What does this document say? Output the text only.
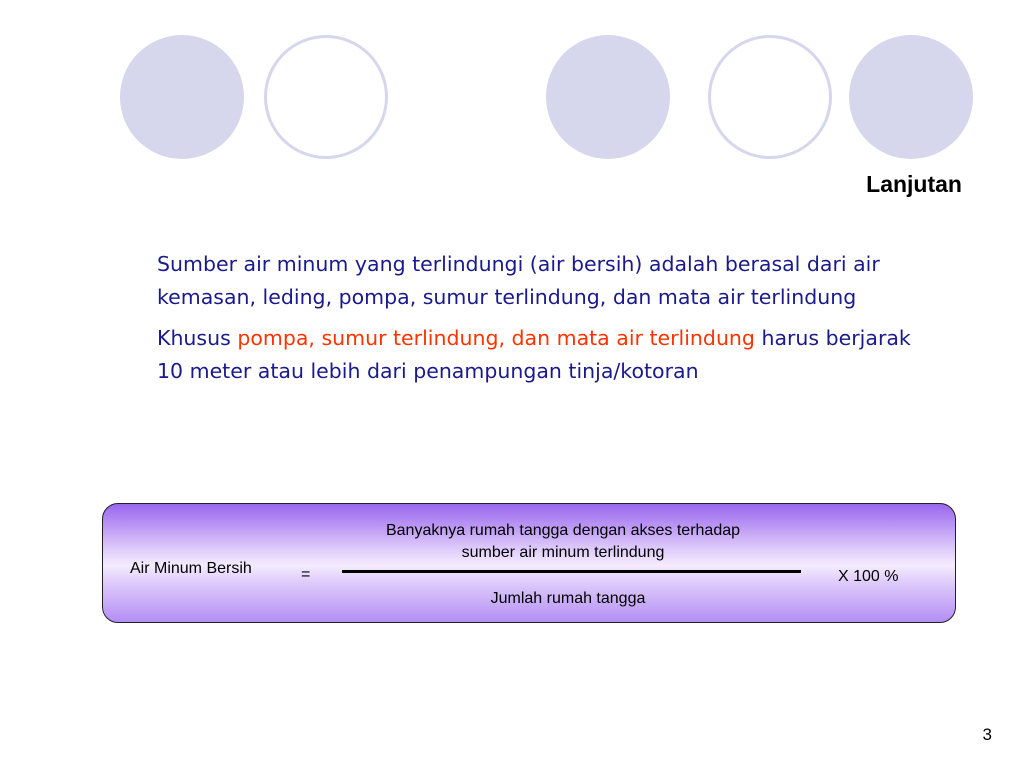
Lanjutan

Sumber air minum yang terlindungi (air bersih) adalah berasal dari air kemasan, leding, pompa, sumur terlindung, dan mata air terlindung

Khusus pompa, sumur terlindung, dan mata air terlindung harus berjarak 10 meter atau lebih dari penampungan tinja/kotoran

Air Minum Bersih	=
Banyaknya rumah tangga dengan akses terhadap
sumber air minum terlindung
Jumlah rumah tangga
X 100 %
3
